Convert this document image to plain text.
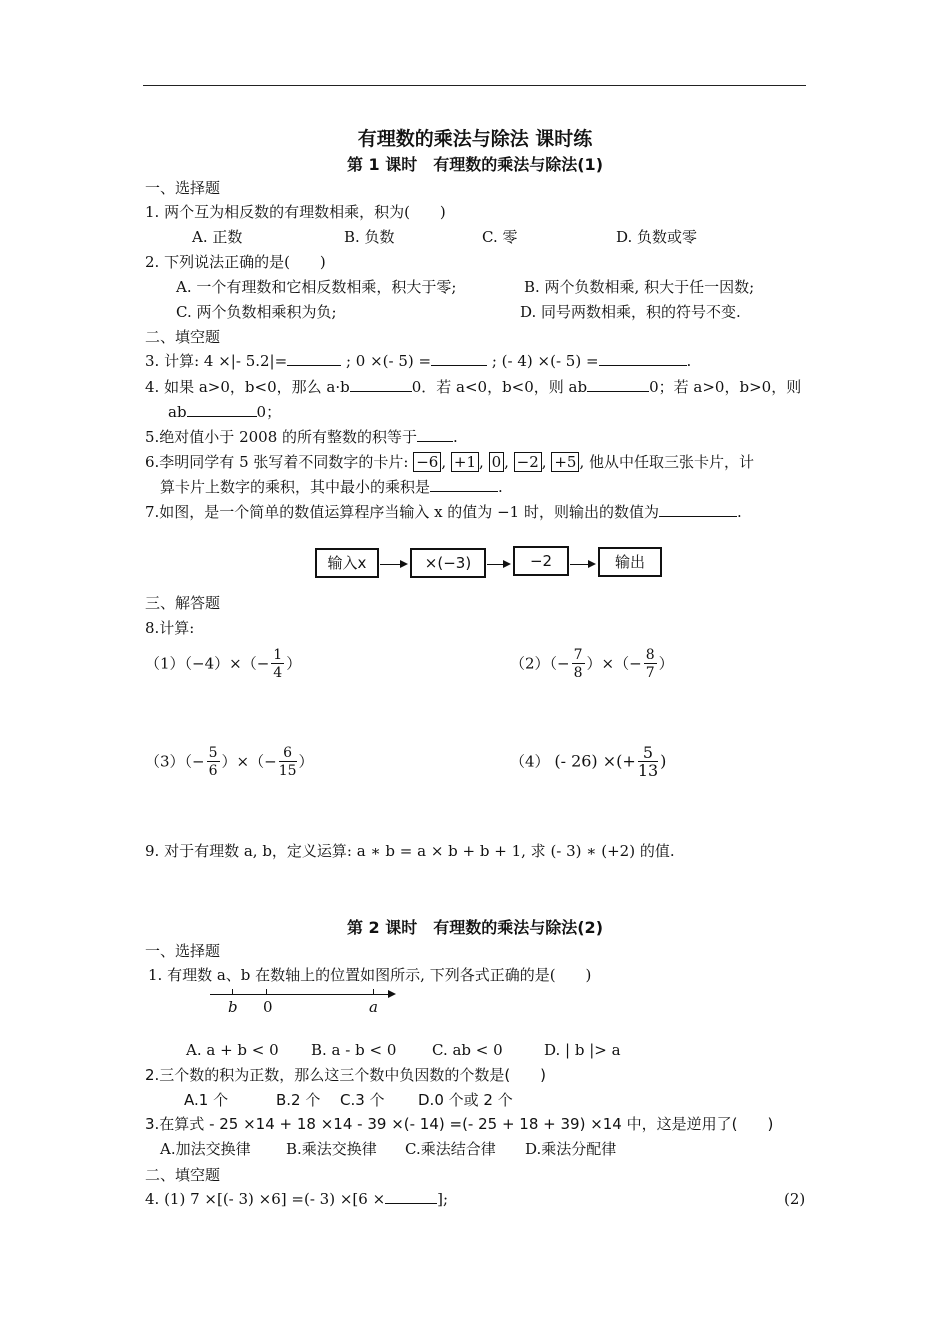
有理数的乘法与除法 课时练
第 1 课时　有理数的乘法与除法(1)
一、选择题
1. 两个互为相反数的有理数相乘，积为(　　)
A. 正数	B. 负数	C. 零	D. 负数或零
2. 下列说法正确的是(　　)
A. 一个有理数和它相反数相乘，积大于零;	B. 两个负数相乘, 积大于任一因数;
C. 两个负数相乘积为负;	D. 同号两数相乘，积的符号不变.
二、填空题
3. 计算: 4 ×|- 5.2|=	; 0 ×(- 5) =	; (- 4) ×(- 5) =	.
4. 如果 a>0，b<0，那么 a·b	0．若 a<0，b<0，则 ab	0；若 a>0，b>0，则
ab	0；
5.绝对值小于 2008 的所有整数的积等于 .
6.李明同学有 5 张写着不同数字的卡片: −6 , +1 , 0 , −2 , +5 , 他从中任取三张卡片，计
算卡片上数字的乘积，其中最小的乘积是	.
7.如图，是一个简单的数值运算程序当输入 x 的值为 −1 时，则输出的数值为	.
输入x	×(−3)	−2	输出
三、解答题
8.计算:
$(1)(-4)\times(- \frac{1}{4}$ ）	$(2)(- \frac{7}{8}$ ）×（− $\frac{8}{7}$ ）
$(3)(- \frac{5}{6}$ ）×（− $\frac{6}{15}$ ）	（4） (- 26) ×(+ $\frac{5}{13}$ )
9. 对于有理数 a, b，定义运算: a ∗ b = a × b + b + 1, 求 (- 3) ∗ (+2) 的值.
第 2 课时　有理数的乘法与除法(2)
一、选择题
1. 有理数 a、b 在数轴上的位置如图所示, 下列各式正确的是(　　)
b 0	a
A. a + b < 0 B. a - b < 0 C. ab < 0	D. | b |> a
2.三个数的积为正数，那么这三个数中负因数的个数是(　　)
A.1 个	B.2 个 C.3 个 D.0 个或 2 个
3.在算式 - 25 ×14 + 18 ×14 - 39 ×(- 14) =(- 25 + 18 + 39) ×14 中，这是逆用了(　　)
A.加法交换律 B.乘法交换律 C.乘法结合律 D.乘法分配律
二、填空题
4. (1) 7 ×[(- 3) ×6] =(- 3) ×[6 ×	];	(2)
